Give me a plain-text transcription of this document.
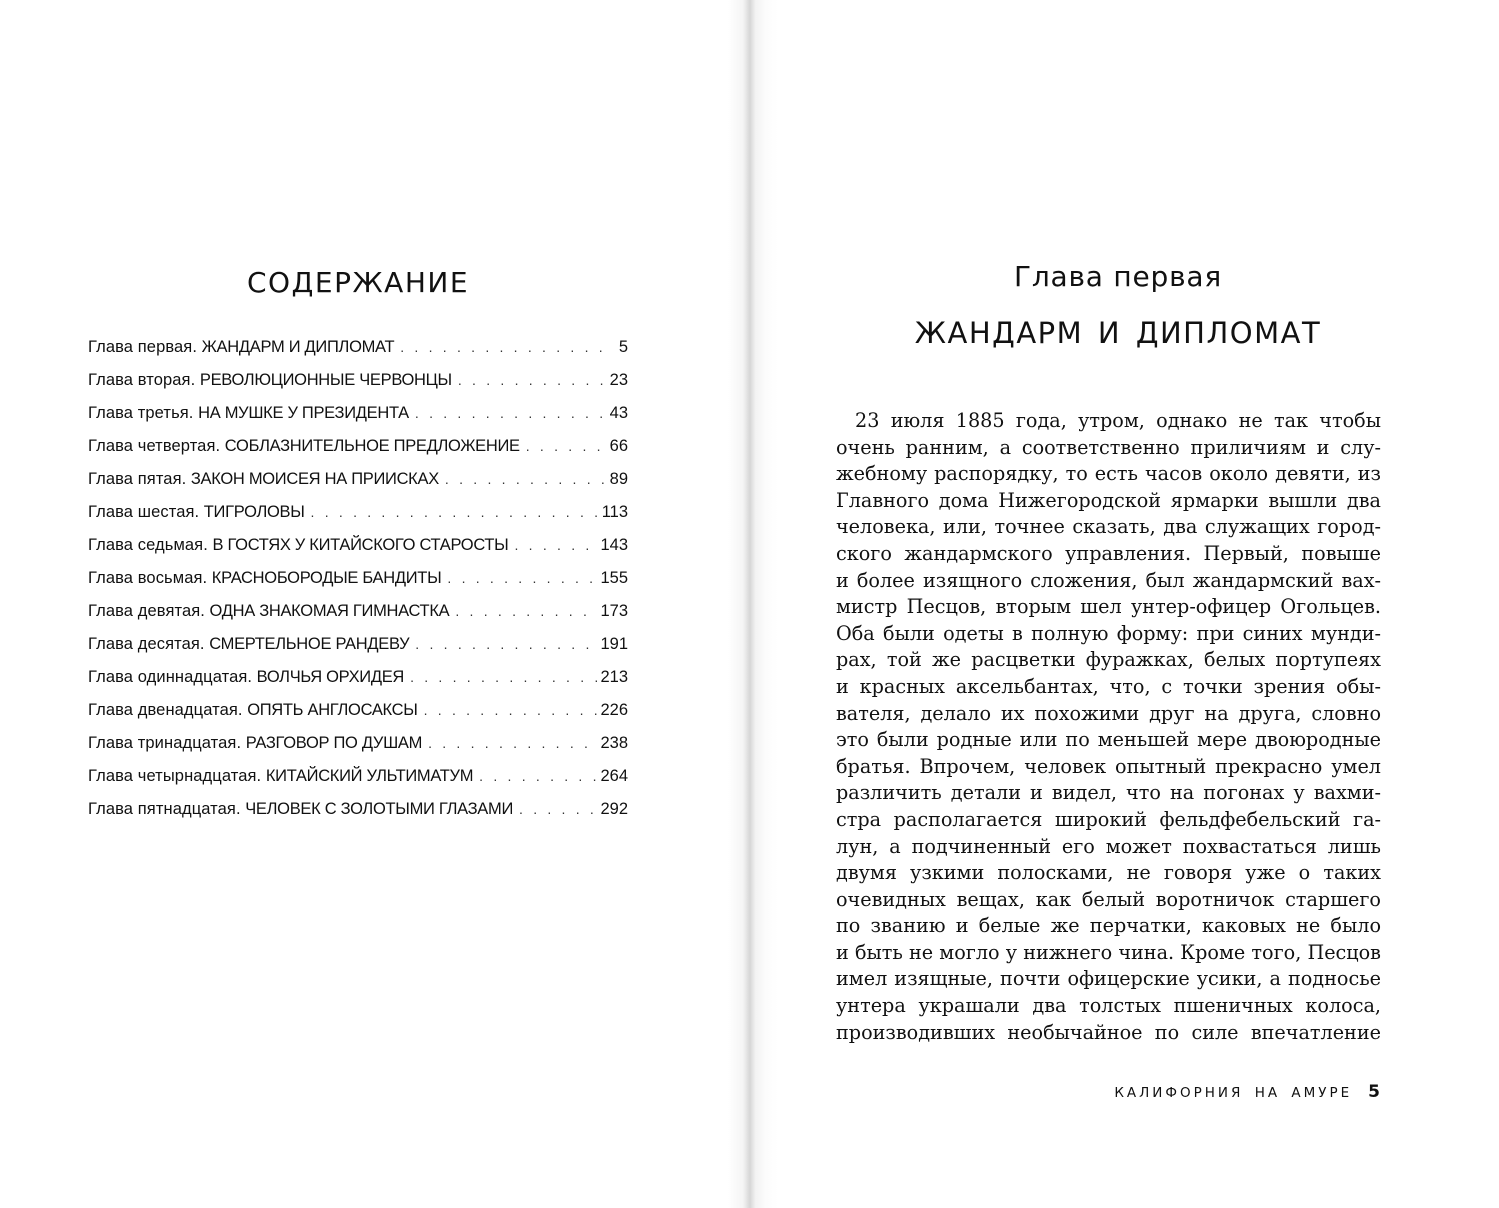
СОДЕРЖАНИЕ
Глава первая. ЖАНДАРМ И ДИПЛОМАТ . . .	5
Глава вторая. РЕВОЛЮЦИОННЫЕ ЧЕРВОНЦЫ . . .	23
Глава третья. НА МУШКЕ У ПРЕЗИДЕНТА . . .	43
Глава четвертая. СОБЛАЗНИТЕЛЬНОЕ ПРЕДЛОЖЕНИЕ . . .	66
Глава пятая. ЗАКОН МОИСЕЯ НА ПРИИСКАХ . . .	89
Глава шестая. ТИГРОЛОВЫ . . .	113
Глава седьмая. В ГОСТЯХ У КИТАЙСКОГО СТАРОСТЫ . . .	143
Глава восьмая. КРАСНОБОРОДЫЕ БАНДИТЫ . . .	155
Глава девятая. ОДНА ЗНАКОМАЯ ГИМНАСТКА . . .	173
Глава десятая. СМЕРТЕЛЬНОЕ РАНДЕВУ . . .	191
Глава одиннадцатая. ВОЛЧЬЯ ОРХИДЕЯ . . .	213
Глава двенадцатая. ОПЯТЬ АНГЛОСАКСЫ . . .	226
Глава тринадцатая. РАЗГОВОР ПО ДУШАМ . . .	238
Глава четырнадцатая. КИТАЙСКИЙ УЛЬТИМАТУМ . . .	264
Глава пятнадцатая. ЧЕЛОВЕК С ЗОЛОТЫМИ ГЛАЗАМИ . . .	292
Глава первая
ЖАНДАРМ И ДИПЛОМАТ
23 июля 1885 года, утром, однако не так чтобы
очень ранним, а соответственно приличиям и слу-
жебному распорядку, то есть часов около девяти, из
Главного дома Нижегородской ярмарки вышли два
человека, или, точнее сказать, два служащих город-
ского жандармского управления. Первый, повыше
и более изящного сложения, был жандармский вах-
мистр Песцов, вторым шел унтер-офицер Огольцев.
Оба были одеты в полную форму: при синих мунди-
рах, той же расцветки фуражках, белых портупеях
и красных аксельбантах, что, с точки зрения обы-
вателя, делало их похожими друг на друга, словно
это были родные или по меньшей мере двоюродные
братья. Впрочем, человек опытный прекрасно умел
различить детали и видел, что на погонах у вахми-
стра располагается широкий фельдфебельский га-
лун, а подчиненный его может похвастаться лишь
двумя узкими полосками, не говоря уже о таких
очевидных вещах, как белый воротничок старшего
по званию и белые же перчатки, каковых не было
и быть не могло у нижнего чина. Кроме того, Песцов
имел изящные, почти офицерские усики, а подносье
унтера украшали два толстых пшеничных колоса,
производивших необычайное по силе впечатление
КАЛИФОРНИЯ НА АМУРЕ 5
